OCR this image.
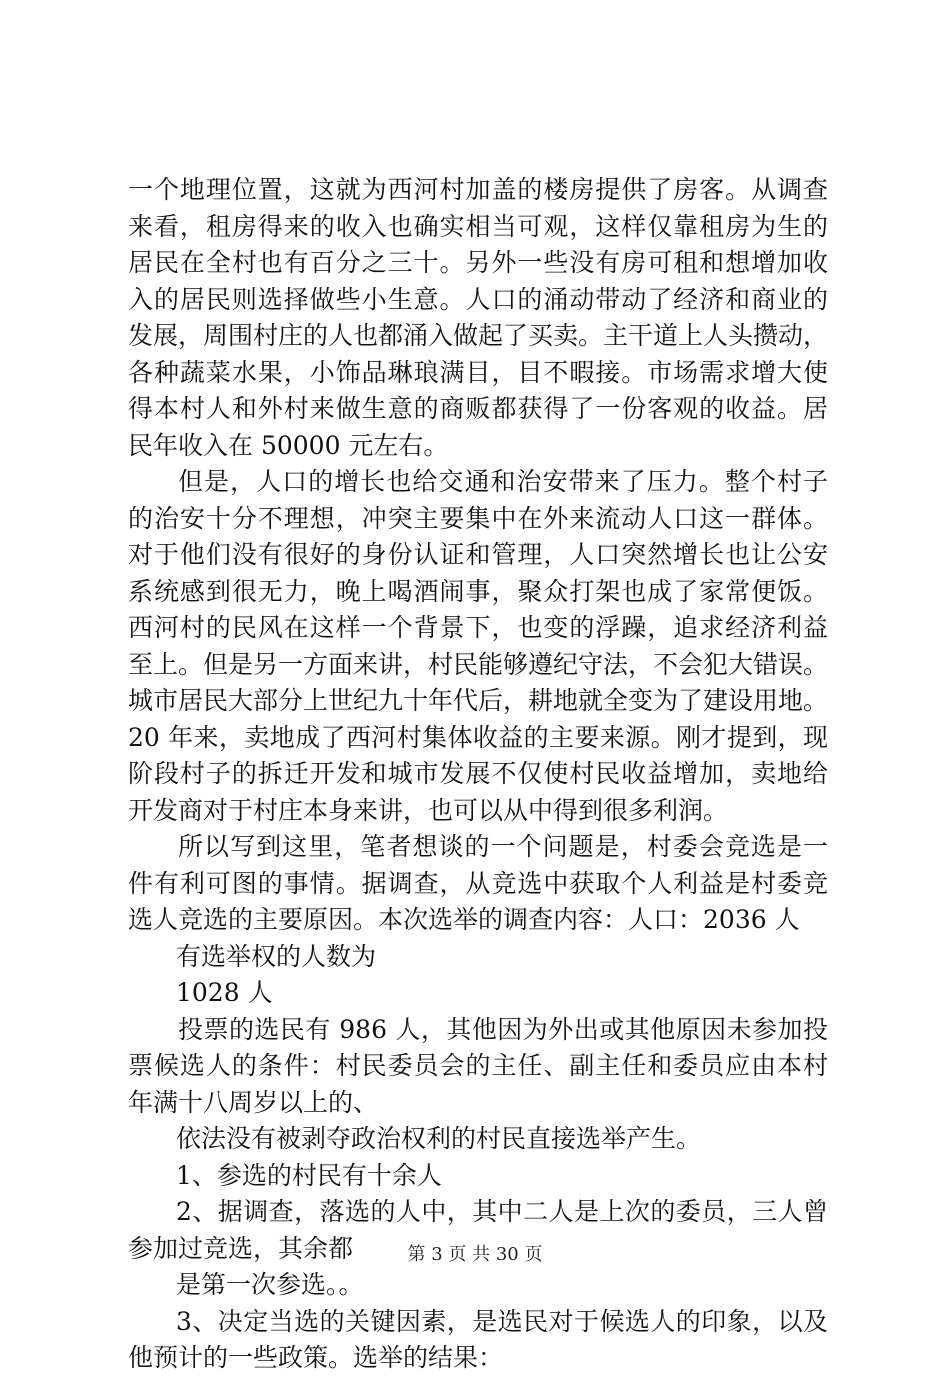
一个地理位置，这就为西河村加盖的楼房提供了房客。从调查
来看，租房得来的收入也确实相当可观，这样仅靠租房为生的
居民在全村也有百分之三十。另外一些没有房可租和想增加收
入的居民则选择做些小生意。人口的涌动带动了经济和商业的
发展，周围村庄的人也都涌入做起了买卖。主干道上人头攒动，
各种蔬菜水果，小饰品琳琅满目，目不暇接。市场需求增大使
得本村人和外村来做生意的商贩都获得了一份客观的收益。居
民年收入在 50000 元左右。
但是，人口的增长也给交通和治安带来了压力。整个村子
的治安十分不理想，冲突主要集中在外来流动人口这一群体。
对于他们没有很好的身份认证和管理，人口突然增长也让公安
系统感到很无力，晚上喝酒闹事，聚众打架也成了家常便饭。
西河村的民风在这样一个背景下，也变的浮躁，追求经济利益
至上。但是另一方面来讲，村民能够遵纪守法，不会犯大错误。
城市居民大部分上世纪九十年代后，耕地就全变为了建设用地。
20 年来，卖地成了西河村集体收益的主要来源。刚才提到，现
阶段村子的拆迁开发和城市发展不仅使村民收益增加，卖地给
开发商对于村庄本身来讲，也可以从中得到很多利润。
所以写到这里，笔者想谈的一个问题是，村委会竞选是一
件有利可图的事情。据调查，从竞选中获取个人利益是村委竞
选人竞选的主要原因。本次选举的调查内容：人口：2036 人
有选举权的人数为
1028 人
投票的选民有 986 人，其他因为外出或其他原因未参加投
票候选人的条件：村民委员会的主任、副主任和委员应由本村
年满十八周岁以上的、
依法没有被剥夺政治权利的村民直接选举产生。
1、参选的村民有十余人
2、据调查，落选的人中，其中二人是上次的委员，三人曾
参加过竞选，其余都
是第一次参选。。
3、决定当选的关键因素，是选民对于候选人的印象，以及
他预计的一些政策。选举的结果：
第 3 页 共 30 页
